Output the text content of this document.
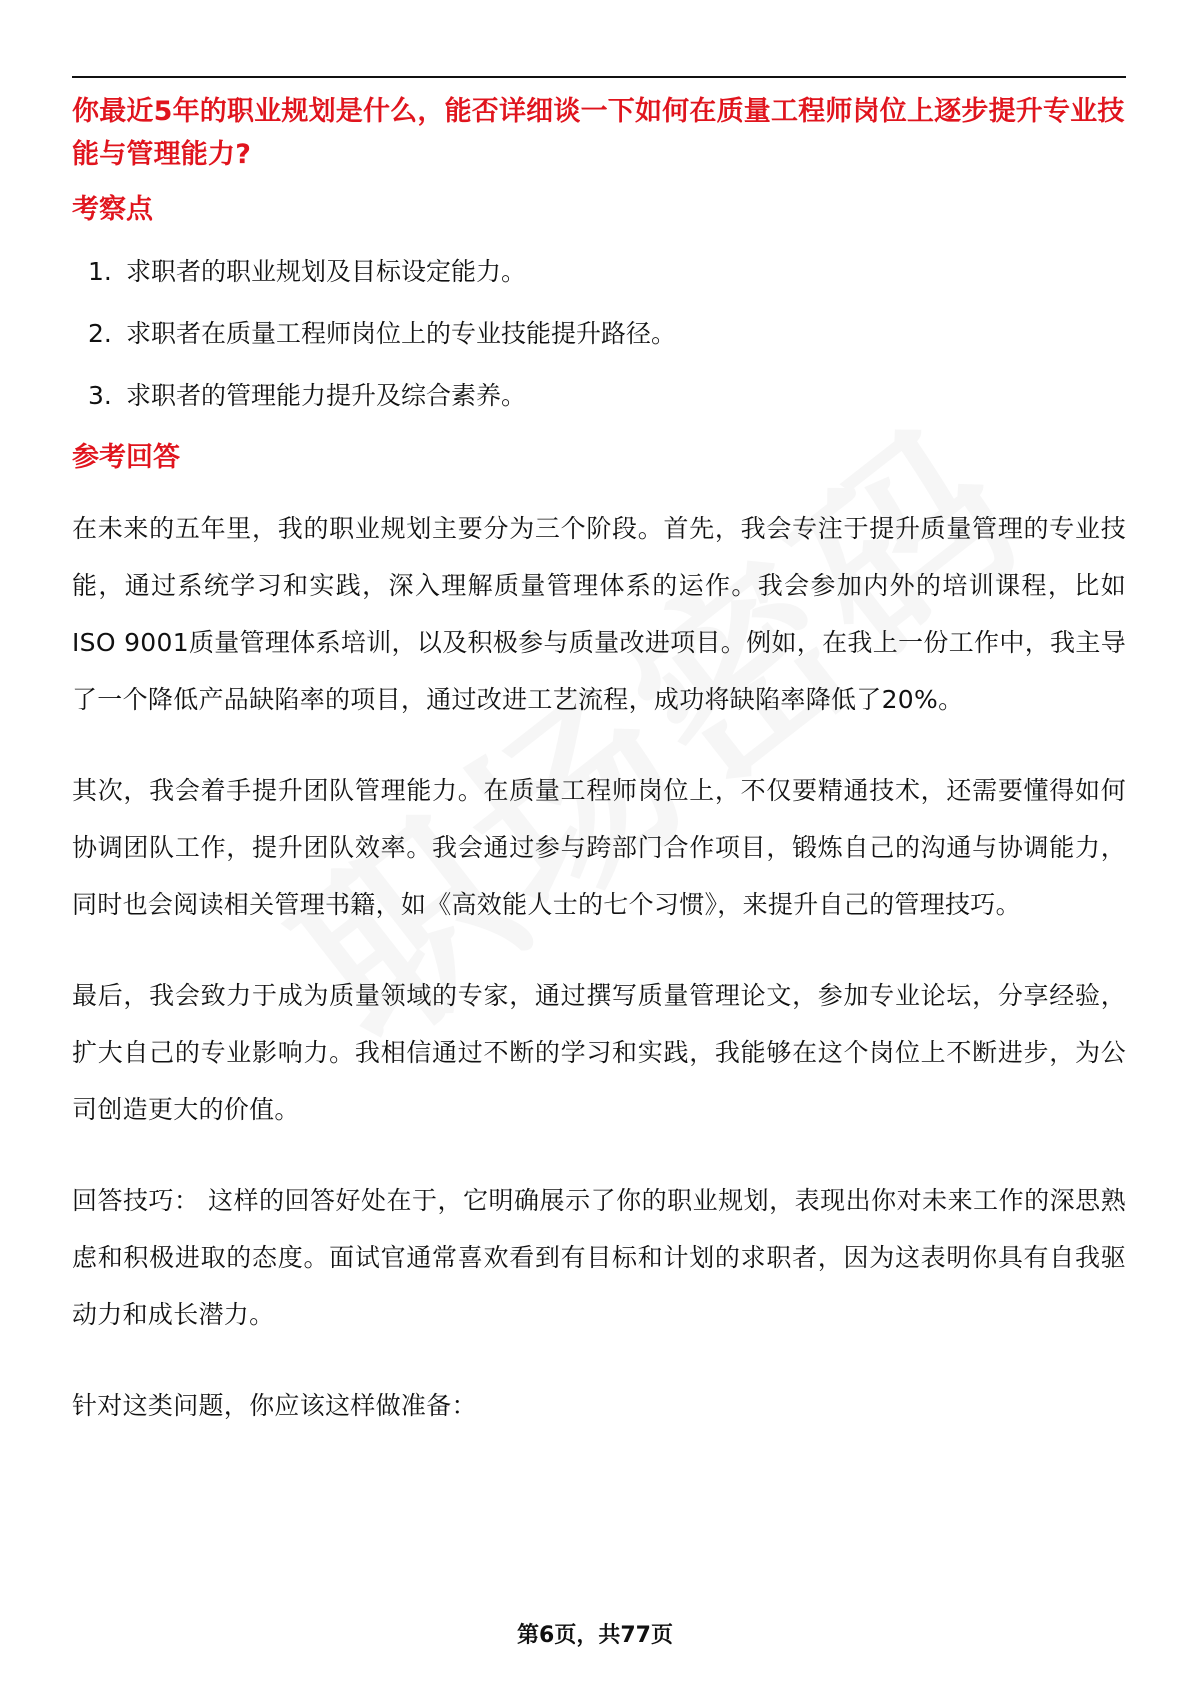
你最近5年的职业规划是什么，能否详细谈一下如何在质量工程师岗位上逐步提升专业技能与管理能力?

考察点

1. 求职者的职业规划及目标设定能力。
2. 求职者在质量工程师岗位上的专业技能提升路径。
3. 求职者的管理能力提升及综合素养。

参考回答

在未来的五年里，我的职业规划主要分为三个阶段。首先，我会专注于提升质量管理的专业技能，通过系统学习和实践，深入理解质量管理体系的运作。我会参加内外的培训课程，比如ISO 9001质量管理体系培训，以及积极参与质量改进项目。例如，在我上一份工作中，我主导了一个降低产品缺陷率的项目，通过改进工艺流程，成功将缺陷率降低了20%。

其次，我会着手提升团队管理能力。在质量工程师岗位上，不仅要精通技术，还需要懂得如何协调团队工作，提升团队效率。我会通过参与跨部门合作项目，锻炼自己的沟通与协调能力，同时也会阅读相关管理书籍，如《高效能人士的七个习惯》，来提升自己的管理技巧。

最后，我会致力于成为质量领域的专家，通过撰写质量管理论文，参加专业论坛，分享经验，扩大自己的专业影响力。我相信通过不断的学习和实践，我能够在这个岗位上不断进步，为公司创造更大的价值。

回答技巧： 这样的回答好处在于，它明确展示了你的职业规划，表现出你对未来工作的深思熟虑和积极进取的态度。面试官通常喜欢看到有目标和计划的求职者，因为这表明你具有自我驱动力和成长潜力。

针对这类问题，你应该这样做准备：

第6页，共77页
